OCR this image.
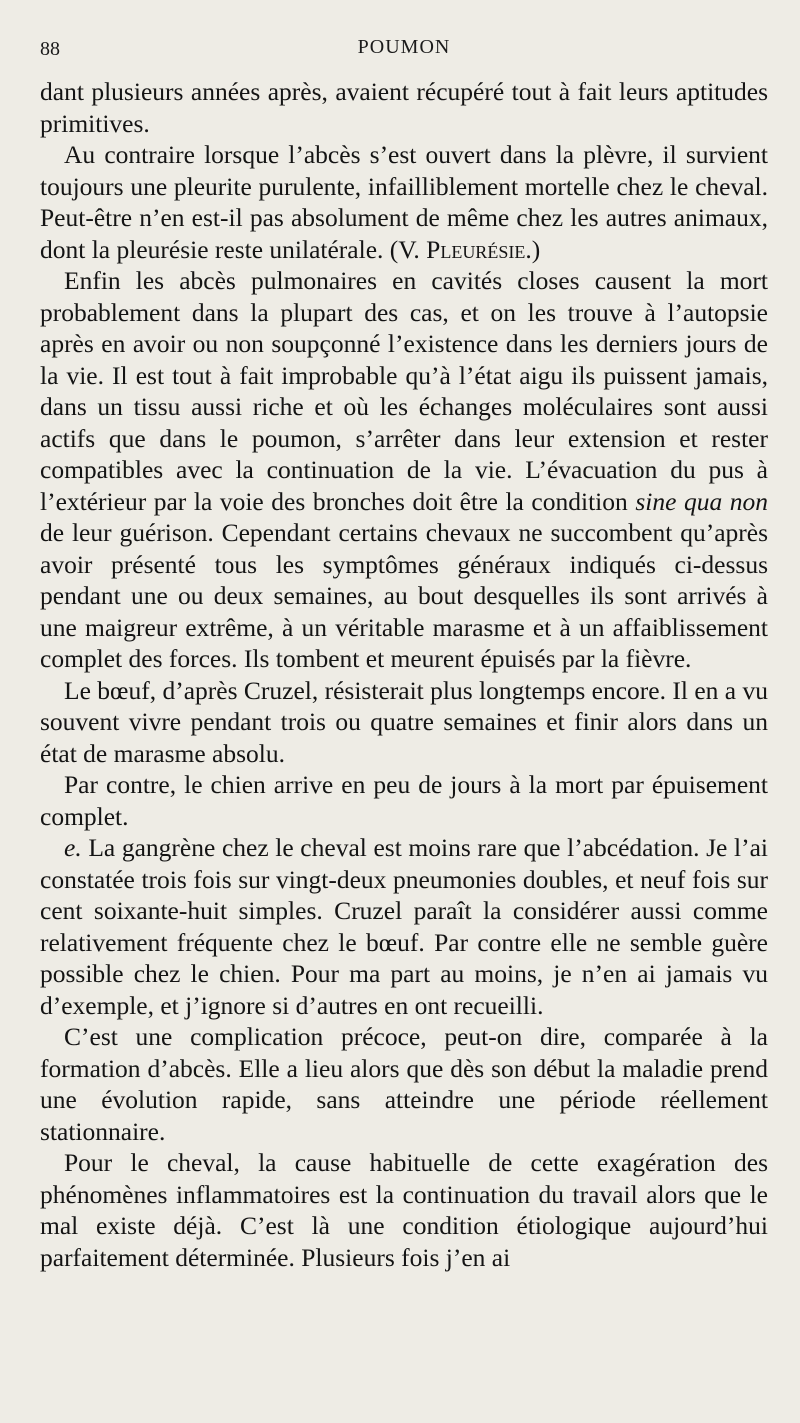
88	POUMON

dant plusieurs années après, avaient récupéré tout à fait leurs aptitudes primitives.

Au contraire lorsque l’abcès s’est ouvert dans la plèvre, il survient toujours une pleurite purulente, infailliblement mortelle chez le cheval. Peut-être n’en est-il pas absolument de même chez les autres animaux, dont la pleurésie reste unilatérale. (V. Pleurésie.)

Enfin les abcès pulmonaires en cavités closes causent la mort probablement dans la plupart des cas, et on les trouve à l’autopsie après en avoir ou non soupçonné l’existence dans les derniers jours de la vie. Il est tout à fait improbable qu’à l’état aigu ils puissent jamais, dans un tissu aussi riche et où les échanges moléculaires sont aussi actifs que dans le poumon, s’arrêter dans leur extension et rester compatibles avec la continuation de la vie. L’évacuation du pus à l’extérieur par la voie des bronches doit être la condition sine qua non de leur guérison. Cependant certains chevaux ne succombent qu’après avoir présenté tous les symptômes généraux indiqués ci-dessus pendant une ou deux semaines, au bout desquelles ils sont arrivés à une maigreur extrême, à un véritable marasme et à un affaiblissement complet des forces. Ils tombent et meurent épuisés par la fièvre.

Le bœuf, d’après Cruzel, résisterait plus longtemps encore. Il en a vu souvent vivre pendant trois ou quatre semaines et finir alors dans un état de marasme absolu.

Par contre, le chien arrive en peu de jours à la mort par épuisement complet.

e. La gangrène chez le cheval est moins rare que l’abcédation. Je l’ai constatée trois fois sur vingt-deux pneumonies doubles, et neuf fois sur cent soixante-huit simples. Cruzel paraît la considérer aussi comme relativement fréquente chez le bœuf. Par contre elle ne semble guère possible chez le chien. Pour ma part au moins, je n’en ai jamais vu d’exemple, et j’ignore si d’autres en ont recueilli.

C’est une complication précoce, peut-on dire, comparée à la formation d’abcès. Elle a lieu alors que dès son début la maladie prend une évolution rapide, sans atteindre une période réellement stationnaire.

Pour le cheval, la cause habituelle de cette exagération des phénomènes inflammatoires est la continuation du travail alors que le mal existe déjà. C’est là une condition étiologique aujourd’hui parfaitement déterminée. Plusieurs fois j’en ai
